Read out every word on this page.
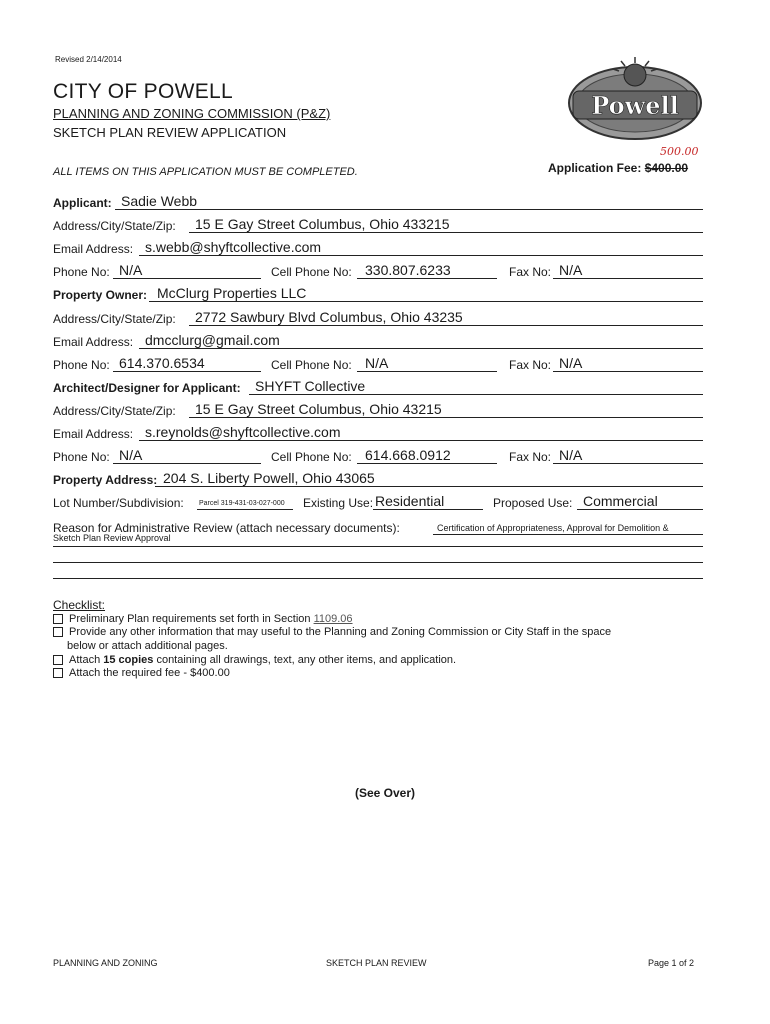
Revised 2/14/2014
CITY OF POWELL
PLANNING AND ZONING COMMISSION (P&Z)
SKETCH PLAN REVIEW APPLICATION
Powell
ALL ITEMS ON THIS APPLICATION MUST BE COMPLETED.	Application Fee: $400.00
500.00
Applicant: Sadie Webb
Address/City/State/Zip: 15 E Gay Street Columbus, Ohio 433215
Email Address: s.webb@shyftcollective.com
Phone No: N/A	Cell Phone No: 330.807.6233	Fax No: N/A
Property Owner: McClurg Properties LLC
Address/City/State/Zip: 2772 Sawbury Blvd Columbus, Ohio 43235
Email Address: dmcclurg@gmail.com
Phone No: 614.370.6534	Cell Phone No: N/A	Fax No: N/A
Architect/Designer for Applicant: SHYFT Collective
Address/City/State/Zip: 15 E Gay Street Columbus, Ohio 43215
Email Address: s.reynolds@shyftcollective.com
Phone No: N/A	Cell Phone No: 614.668.0912	Fax No: N/A
Property Address: 204 S. Liberty Powell, Ohio 43065
Lot Number/Subdivision: Parcel 319-431-03-027-000 Existing Use: Residential	Proposed Use: Commercial
Reason for Administrative Review (attach necessary documents):	Certification of Appropriateness, Approval for Demolition &
Sketch Plan Review Approval
Checklist:
Preliminary Plan requirements set forth in Section 1109.06
Provide any other information that may useful to the Planning and Zoning Commission or City Staff in the space
below or attach additional pages.
Attach 15 copies containing all drawings, text, any other items, and application.
Attach the required fee - $400.00
(See Over)
PLANNING AND ZONING	SKETCH PLAN REVIEW	Page 1 of 2
